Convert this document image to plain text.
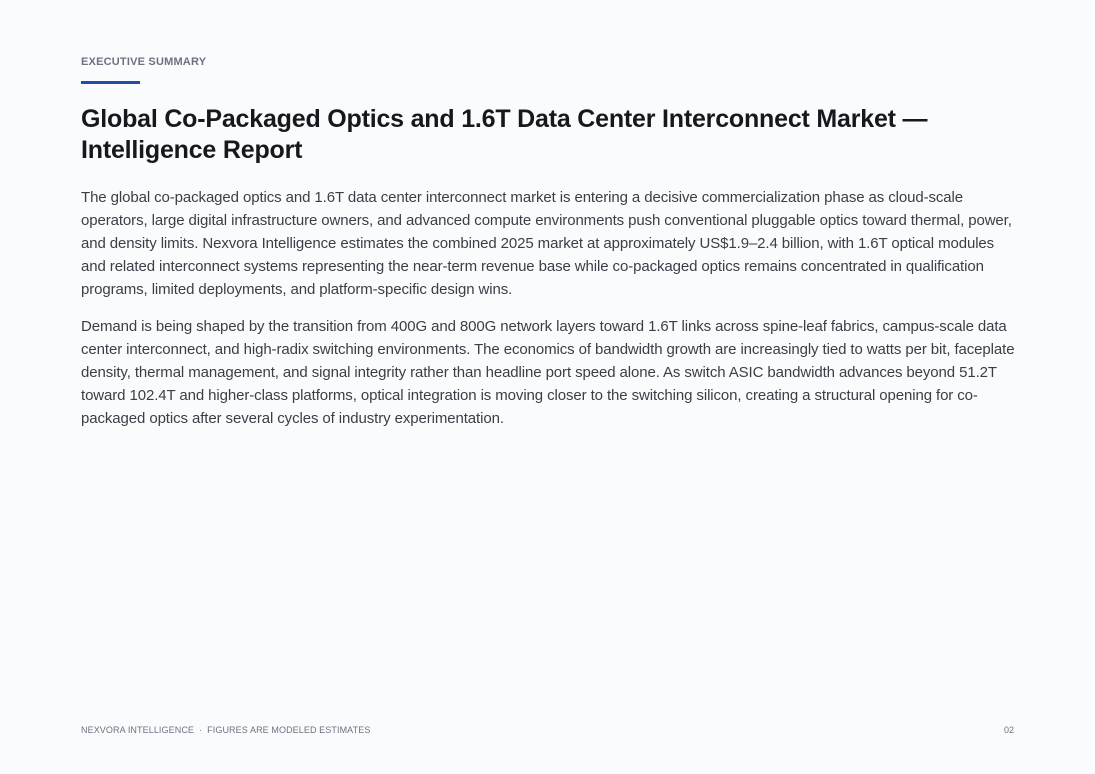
EXECUTIVE SUMMARY
Global Co-Packaged Optics and 1.6T Data Center Interconnect Market — Intelligence Report

The global co-packaged optics and 1.6T data center interconnect market is entering a decisive commercialization phase as cloud-scale operators, large digital infrastructure owners, and advanced compute environments push conventional pluggable optics toward thermal, power, and density limits. Nexvora Intelligence estimates the combined 2025 market at approximately US$1.9–2.4 billion, with 1.6T optical modules and related interconnect systems representing the near-term revenue base while co-packaged optics remains concentrated in qualification programs, limited deployments, and platform-specific design wins.

Demand is being shaped by the transition from 400G and 800G network layers toward 1.6T links across spine-leaf fabrics, campus-scale data center interconnect, and high-radix switching environments. The economics of bandwidth growth are increasingly tied to watts per bit, faceplate density, thermal management, and signal integrity rather than headline port speed alone. As switch ASIC bandwidth advances beyond 51.2T toward 102.4T and higher-class platforms, optical integration is moving closer to the switching silicon, creating a structural opening for co-packaged optics after several cycles of industry experimentation.

NEXVORA INTELLIGENCE · FIGURES ARE MODELED ESTIMATES	02
